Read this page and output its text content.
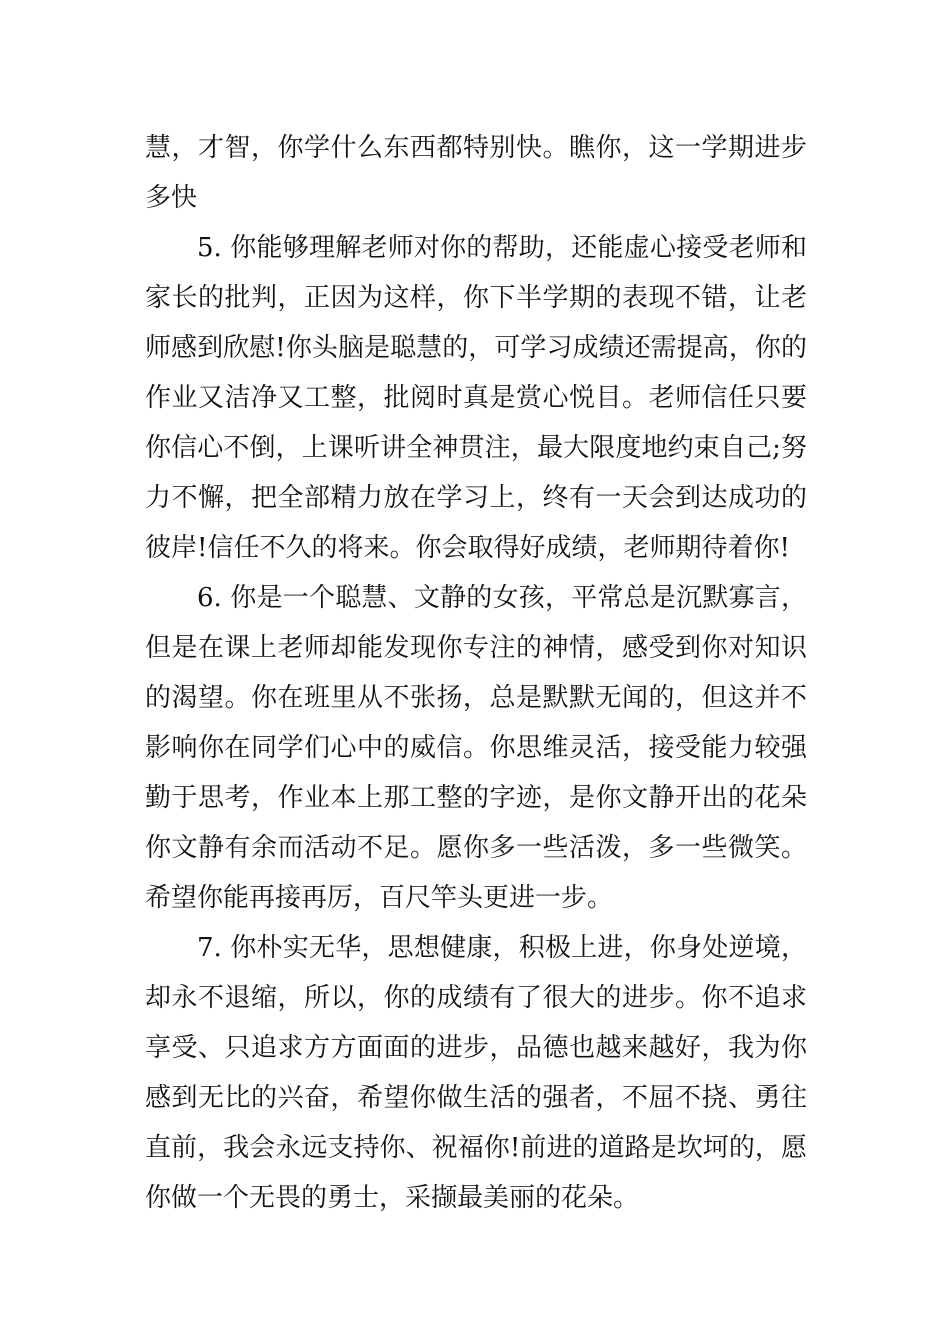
慧，才智，你学什么东西都特别快。瞧你，这一学期进步
多快
5. 你能够理解老师对你的帮助，还能虚心接受老师和
家长的批判，正因为这样，你下半学期的表现不错，让老
师感到欣慰!你头脑是聪慧的，可学习成绩还需提高，你的
作业又洁净又工整，批阅时真是赏心悦目。老师信任只要
你信心不倒，上课听讲全神贯注，最大限度地约束自己;努
力不懈，把全部精力放在学习上，终有一天会到达成功的
彼岸!信任不久的将来。你会取得好成绩，老师期待着你!
6. 你是一个聪慧、文静的女孩，平常总是沉默寡言，
但是在课上老师却能发现你专注的神情，感受到你对知识
的渴望。你在班里从不张扬，总是默默无闻的，但这并不
影响你在同学们心中的威信。你思维灵活，接受能力较强
勤于思考，作业本上那工整的字迹，是你文静开出的花朵
你文静有余而活动不足。愿你多一些活泼，多一些微笑。
希望你能再接再厉，百尺竿头更进一步。
7. 你朴实无华，思想健康，积极上进，你身处逆境，
却永不退缩，所以，你的成绩有了很大的进步。你不追求
享受、只追求方方面面的进步，品德也越来越好，我为你
感到无比的兴奋，希望你做生活的强者，不屈不挠、勇往
直前，我会永远支持你、祝福你!前进的道路是坎坷的，愿
你做一个无畏的勇士，采撷最美丽的花朵。
